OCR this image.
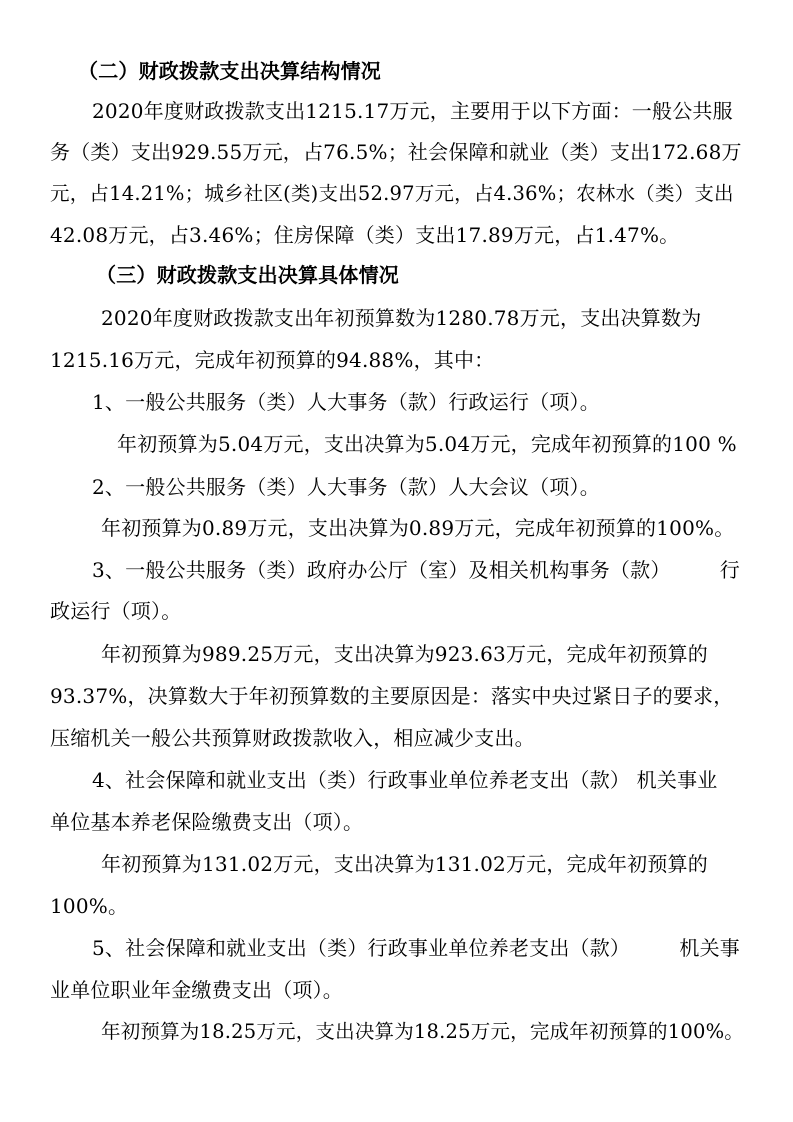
（二）财政拨款支出决算结构情况
2020年度财政拨款支出1215.17万元，主要用于以下方面：一般公共服
务（类）支出929.55万元，占76.5%；社会保障和就业（类）支出172.68万
元，占14.21%；城乡社区(类)支出52.97万元，占4.36%；农林水（类）支出
42.08万元，占3.46%；住房保障（类）支出17.89万元，占1.47%。
（三）财政拨款支出决算具体情况
2020年度财政拨款支出年初预算数为1280.78万元，支出决算数为
1215.16万元，完成年初预算的94.88%，其中：
1、一般公共服务（类）人大事务（款）行政运行（项）。
年初预算为5.04万元，支出决算为5.04万元，完成年初预算的100 %
2、一般公共服务（类）人大事务（款）人大会议（项）。
年初预算为0.89万元，支出决算为0.89万元，完成年初预算的100%。
3、一般公共服务（类）政府办公厅（室）及相关机构事务（款） 行
政运行（项）。
年初预算为989.25万元，支出决算为923.63万元，完成年初预算的
93.37%，决算数大于年初预算数的主要原因是：落实中央过紧日子的要求，
压缩机关一般公共预算财政拨款收入，相应减少支出。
4、社会保障和就业支出（类）行政事业单位养老支出（款） 机关事业
单位基本养老保险缴费支出（项）。
年初预算为131.02万元，支出决算为131.02万元，完成年初预算的
100%。
5、社会保障和就业支出（类）行政事业单位养老支出（款） 机关事
业单位职业年金缴费支出（项）。
年初预算为18.25万元，支出决算为18.25万元，完成年初预算的100%。
